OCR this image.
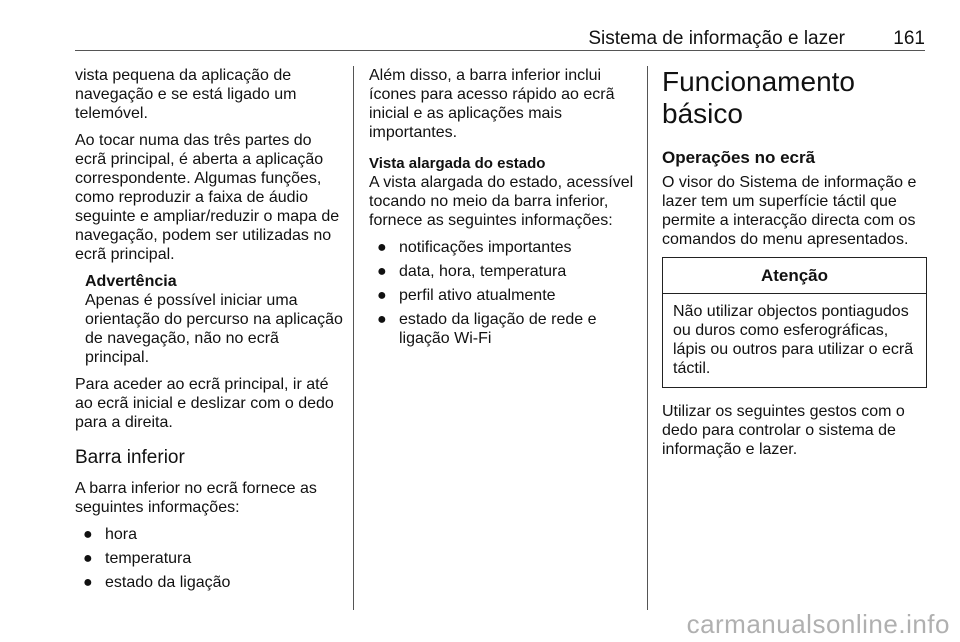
Sistema de informação e lazer	161

vista pequena da aplicação de navegação e se está ligado um telemóvel.

Ao tocar numa das três partes do ecrã principal, é aberta a aplicação correspondente. Algumas funções, como reproduzir a faixa de áudio seguinte e ampliar/reduzir o mapa de navegação, podem ser utilizadas no ecrã principal.

Advertência
Apenas é possível iniciar uma orientação do percurso na aplicação de navegação, não no ecrã principal.

Para aceder ao ecrã principal, ir até ao ecrã inicial e deslizar com o dedo para a direita.

Barra inferior

A barra inferior no ecrã fornece as seguintes informações:

● hora
● temperatura
● estado da ligação

Além disso, a barra inferior inclui ícones para acesso rápido ao ecrã inicial e as aplicações mais importantes.

Vista alargada do estado

A vista alargada do estado, acessível tocando no meio da barra inferior, fornece as seguintes informações:

● notificações importantes
● data, hora, temperatura
● perfil ativo atualmente
● estado da ligação de rede e ligação Wi-Fi
Funcionamento básico
Operações no ecrã

O visor do Sistema de informação e lazer tem um superfície táctil que permite a interacção directa com os comandos do menu apresentados.

Atenção
Não utilizar objectos pontiagudos ou duros como esferográficas, lápis ou outros para utilizar o ecrã táctil.

Utilizar os seguintes gestos com o dedo para controlar o sistema de informação e lazer.

carmanualsonline.info
